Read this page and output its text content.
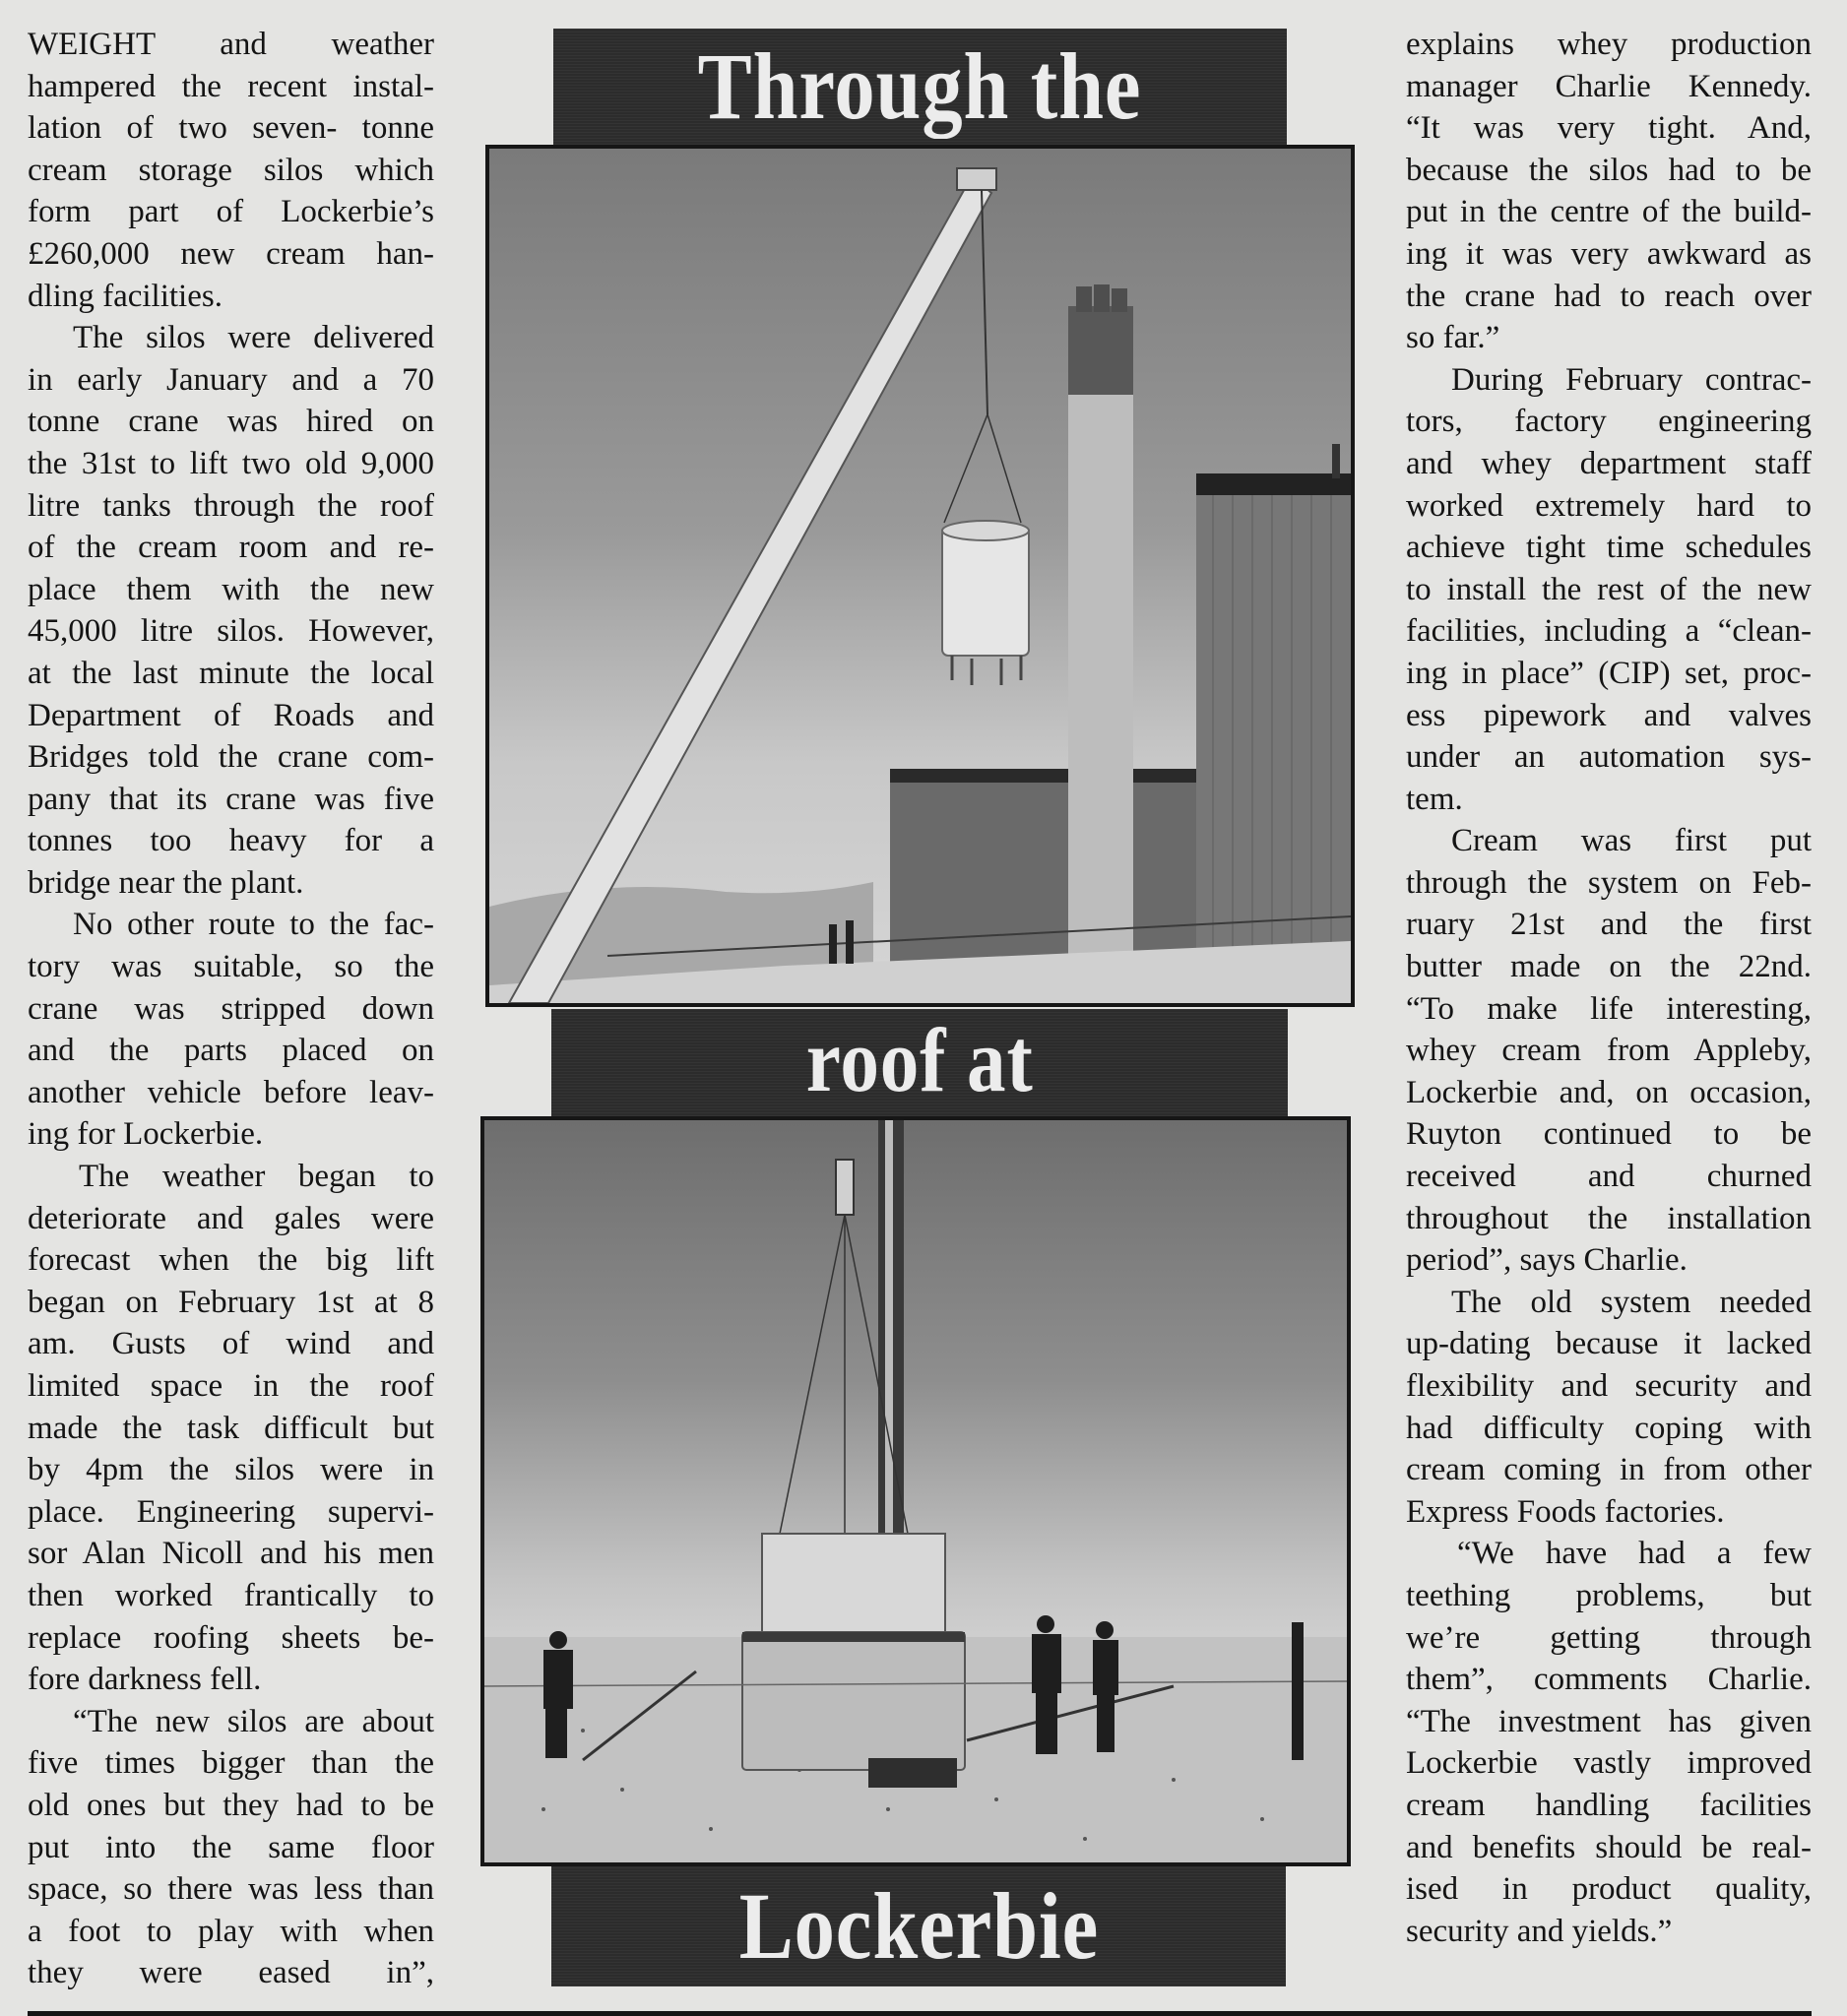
WEIGHT and weather
hampered the recent instal-
lation of two seven- tonne
cream storage silos which
form part of Lockerbie’s
£260,000 new cream han-
dling facilities.
The silos were delivered
in early January and a 70
tonne crane was hired on
the 31st to lift two old 9,000
litre tanks through the roof
of the cream room and re-
place them with the new
45,000 litre silos. However,
at the last minute the local
Department of Roads and
Bridges told the crane com-
pany that its crane was five
tonnes too heavy for a
bridge near the plant.
No other route to the fac-
tory was suitable, so the
crane was stripped down
and the parts placed on
another vehicle before leav-
ing for Lockerbie.
The weather began to
deteriorate and gales were
forecast when the big lift
began on February 1st at 8
am. Gusts of wind and
limited space in the roof
made the task difficult but
by 4pm the silos were in
place. Engineering supervi-
sor Alan Nicoll and his men
then worked frantically to
replace roofing sheets be-
fore darkness fell.
“The new silos are about
five times bigger than the
old ones but they had to be
put into the same floor
space, so there was less than
a foot to play with when
they were eased in”,
Through the
roof at
Lockerbie
explains whey production
manager Charlie Kennedy.
“It was very tight. And,
because the silos had to be
put in the centre of the build-
ing it was very awkward as
the crane had to reach over
so far.”
During February contrac-
tors, factory engineering
and whey department staff
worked extremely hard to
achieve tight time schedules
to install the rest of the new
facilities, including a “clean-
ing in place” (CIP) set, proc-
ess pipework and valves
under an automation sys-
tem.
Cream was first put
through the system on Feb-
ruary 21st and the first
butter made on the 22nd.
“To make life interesting,
whey cream from Appleby,
Lockerbie and, on occasion,
Ruyton continued to be
received and churned
throughout the installation
period”, says Charlie.
The old system needed
up-dating because it lacked
flexibility and security and
had difficulty coping with
cream coming in from other
Express Foods factories.
“We have had a few
teething problems, but
we’re getting through
them”, comments Charlie.
“The investment has given
Lockerbie vastly improved
cream handling facilities
and benefits should be real-
ised in product quality,
security and yields.”
